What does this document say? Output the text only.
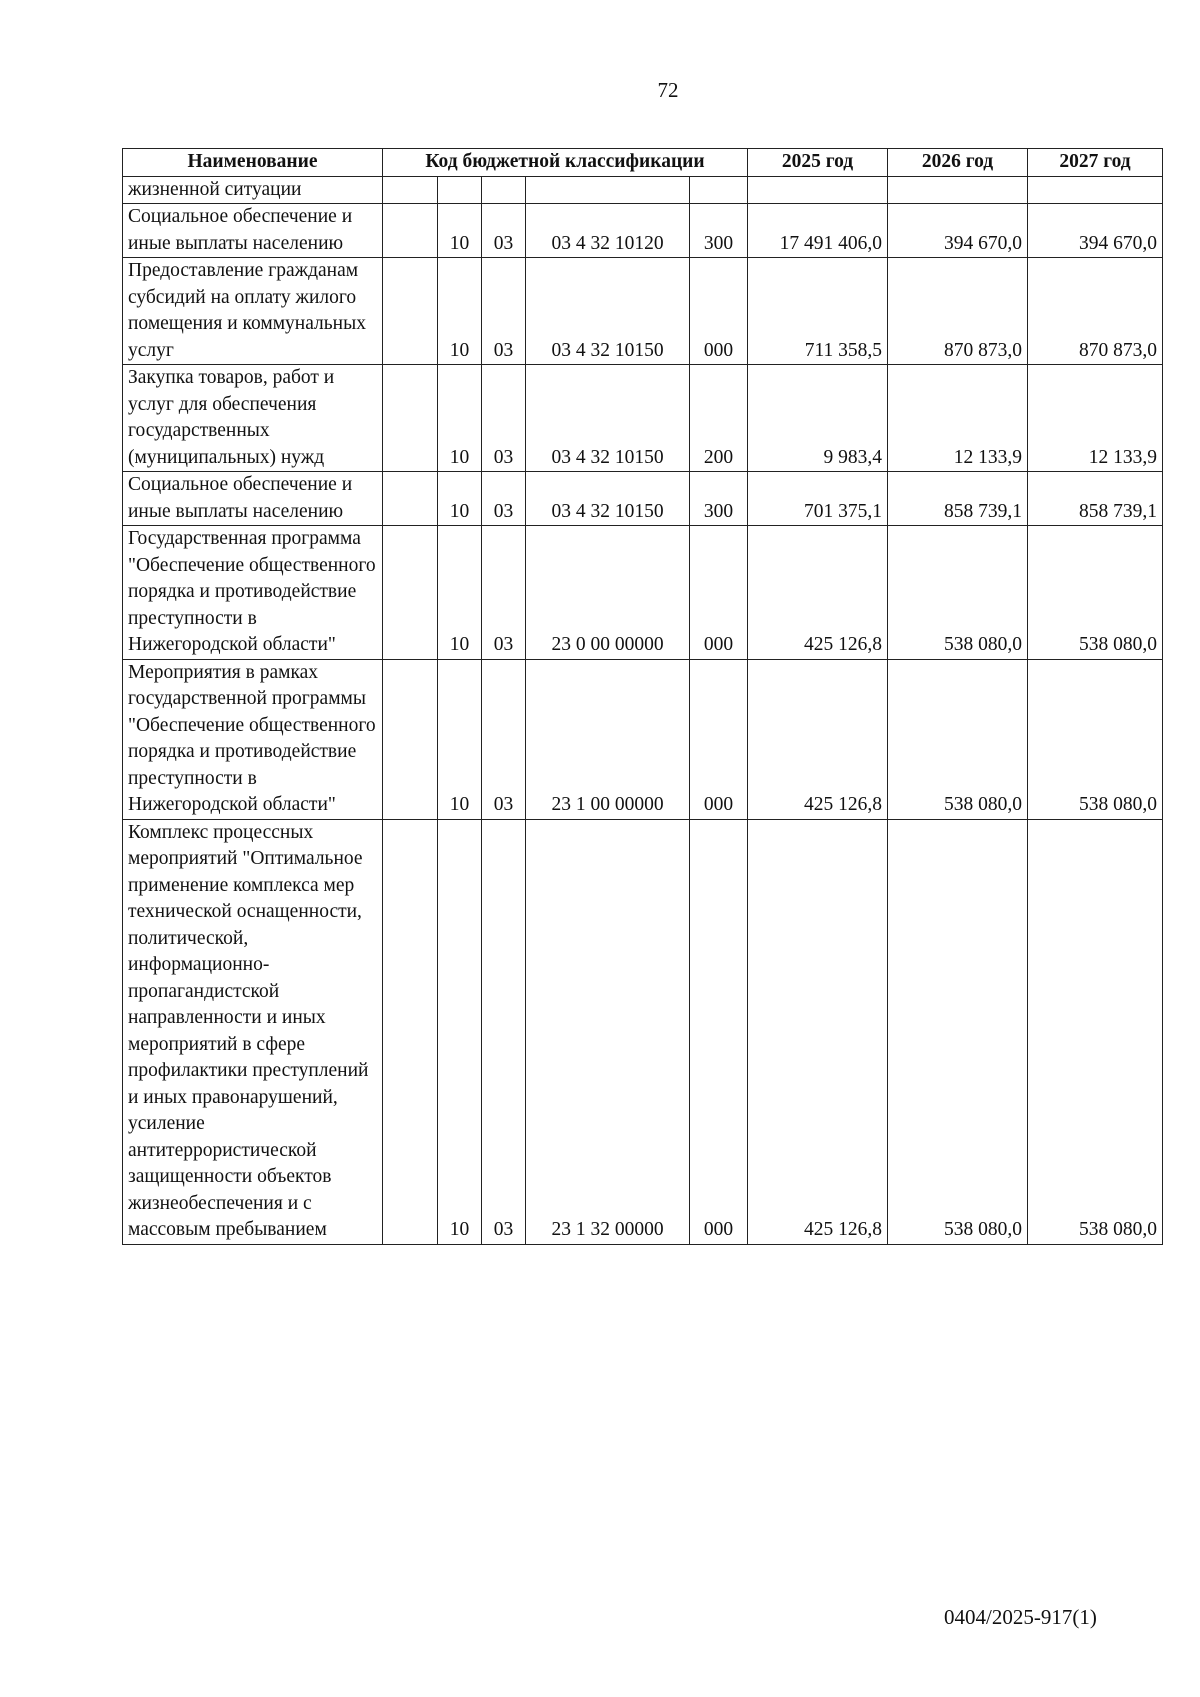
72
Наименование	Код бюджетной классификации					2025 год	2026 год	2027 год
жизненной ситуации								
Социальное обеспечение и иные выплаты населению		10	03	03 4 32 10120	300	17 491 406,0	394 670,0	394 670,0
Предоставление гражданам субсидий на оплату жилого помещения и коммунальных услуг		10	03	03 4 32 10150	000	711 358,5	870 873,0	870 873,0
Закупка товаров, работ и услуг для обеспечения государственных (муниципальных) нужд		10	03	03 4 32 10150	200	9 983,4	12 133,9	12 133,9
Социальное обеспечение и иные выплаты населению		10	03	03 4 32 10150	300	701 375,1	858 739,1	858 739,1
Государственная программа "Обеспечение общественного порядка и противодействие преступности в Нижегородской области"		10	03	23 0 00 00000	000	425 126,8	538 080,0	538 080,0
Мероприятия в рамках государственной программы "Обеспечение общественного порядка и противодействие преступности в Нижегородской области"		10	03	23 1 00 00000	000	425 126,8	538 080,0	538 080,0
Комплекс процессных мероприятий "Оптимальное применение комплекса мер технической оснащенности, политической, информационно-пропагандистской направленности и иных мероприятий в сфере профилактики преступлений и иных правонарушений, усиление антитеррористической защищенности объектов жизнеобеспечения и с массовым пребыванием		10	03	23 1 32 00000	000	425 126,8	538 080,0	538 080,0
0404/2025-917(1)
